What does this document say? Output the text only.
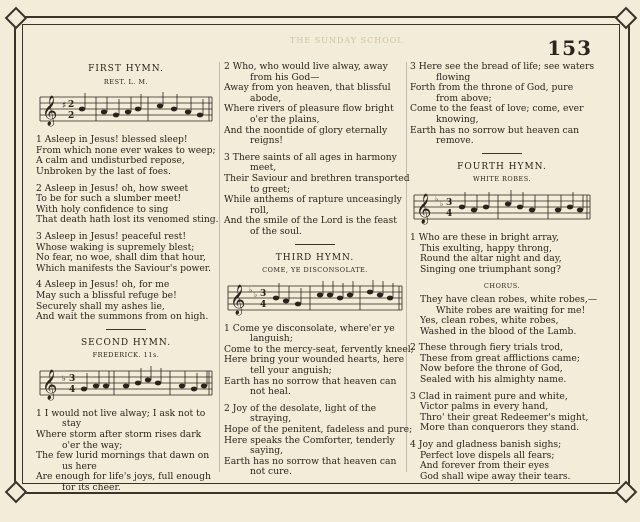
THE SUNDAY SCHOOL	153
FIRST HYMN.
REST. L. M.
𝄞 ♯ 2
2
1 Asleep in Jesus! blessed sleep!
From which none ever wakes to weep;
A calm and undisturbed repose,
Unbroken by the last of foes.
2 Asleep in Jesus! oh, how sweet
To be for such a slumber meet!
With holy confidence to sing
That death hath lost its venomed sting.
3 Asleep in Jesus! peaceful rest!
Whose waking is supremely blest;
No fear, no woe, shall dim that hour,
Which manifests the Saviour's power.
4 Asleep in Jesus! oh, for me
May such a blissful refuge be!
Securely shall my ashes lie,
And wait the summons from on high.
SECOND HYMN.
FREDERICK. 11s.
𝄞 ♭ 3
4
1 I would not live alway; I ask not to
stay
Where storm after storm rises dark
o'er the way;
The few lurid mornings that dawn on
us here
Are enough for life's joys, full enough
for its cheer.
2 Who, who would live alway, away
from his God—
Away from yon heaven, that blissful
abode,
Where rivers of pleasure flow bright
o'er the plains,
And the noontide of glory eternally
reigns!
3 There saints of all ages in harmony
meet,
Their Saviour and brethren transported
to greet;
While anthems of rapture unceasingly
roll,
And the smile of the Lord is the feast
of the soul.
THIRD HYMN.
COME, YE DISCONSOLATE.
𝄞 ♭
♭ 3
4
1 Come ye disconsolate, where'er ye
languish;
Come to the mercy-seat, fervently kneel;
Here bring your wounded hearts, here
tell your anguish;
Earth has no sorrow that heaven can
not heal.
2 Joy of the desolate, light of the
straying,
Hope of the penitent, fadeless and pure;
Here speaks the Comforter, tenderly
saying,
Earth has no sorrow that heaven can
not cure.
3 Here see the bread of life; see waters
flowing
Forth from the throne of God, pure
from above;
Come to the feast of love; come, ever
knowing,
Earth has no sorrow but heaven can
remove.
FOURTH HYMN.
WHITE ROBES.
𝄞 ♭
♭ 3
4
1 Who are these in bright array,
This exulting, happy throng,
Round the altar night and day,
Singing one triumphant song?
CHORUS.
They have clean robes, white robes,—
White robes are waiting for me!
Yes, clean robes, white robes,
Washed in the blood of the Lamb.
2 These through fiery trials trod,
These from great afflictions came;
Now before the throne of God,
Sealed with his almighty name.
3 Clad in raiment pure and white,
Victor palms in every hand,
Thro' their great Redeemer's might,
More than conquerors they stand.
4 Joy and gladness banish sighs;
Perfect love dispels all fears;
And forever from their eyes
God shall wipe away their tears.
